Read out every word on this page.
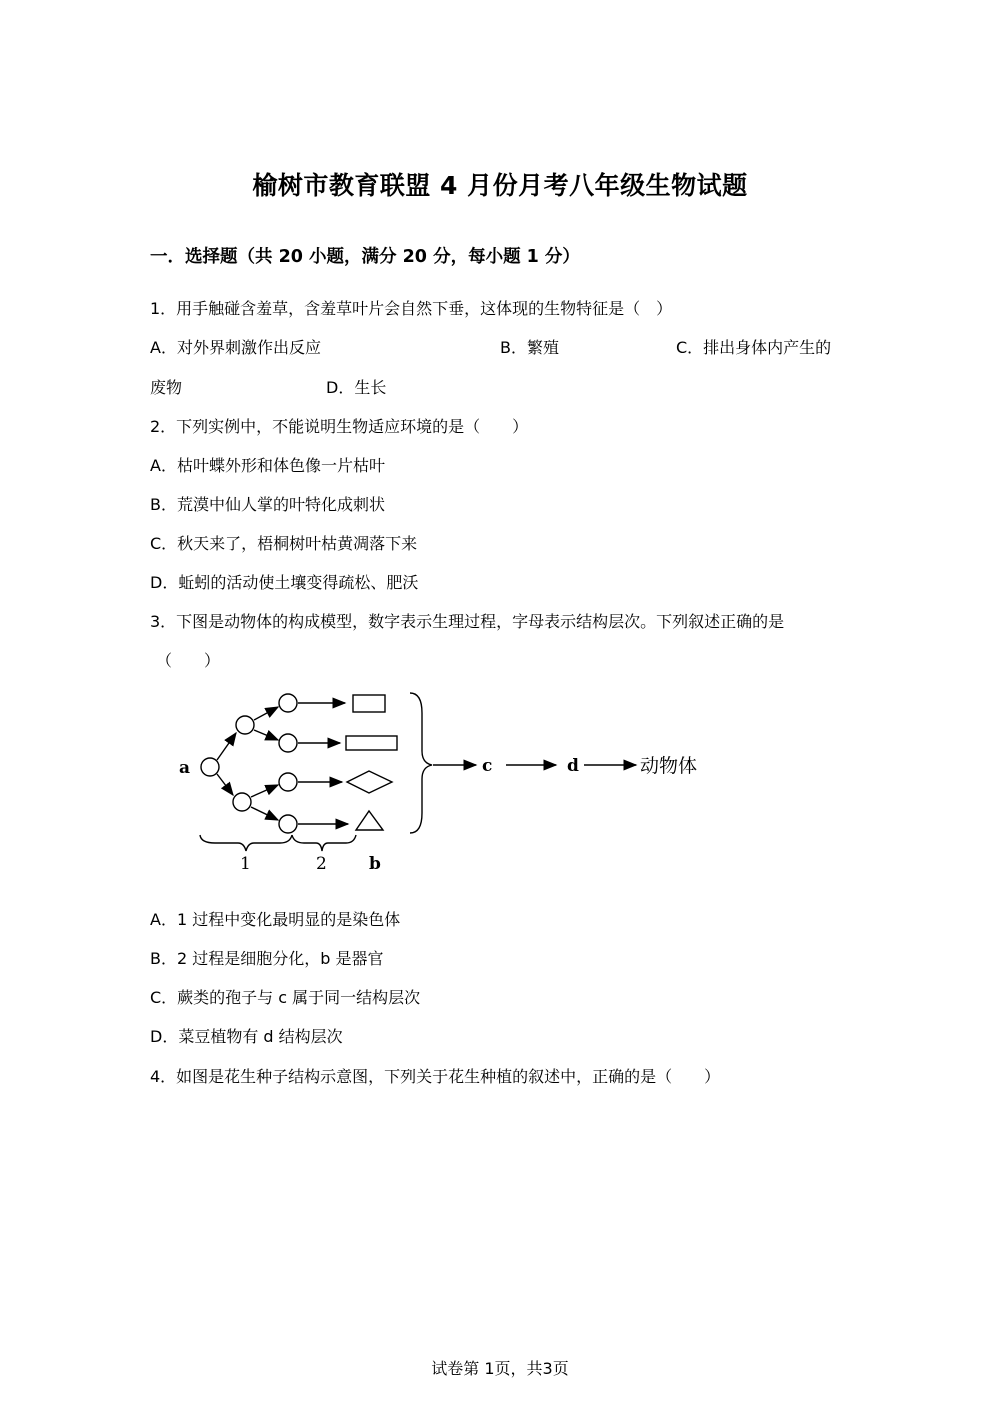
榆树市教育联盟 4 月份月考八年级生物试题
一．选择题（共 20 小题，满分 20 分，每小题 1 分）
1．用手触碰含羞草，含羞草叶片会自然下垂，这体现的生物特征是（　）
A．对外界刺激作出反应	B．繁殖	C．排出身体内产生的
废物	D．生长
2．下列实例中，不能说明生物适应环境的是（　　）
A．枯叶蝶外形和体色像一片枯叶
B．荒漠中仙人掌的叶特化成刺状
C．秋天来了，梧桐树叶枯黄凋落下来
D．蚯蚓的活动使土壤变得疏松、肥沃
3．下图是动物体的构成模型，数字表示生理过程，字母表示结构层次。下列叙述正确的是
（　　）
a	c	d
b
1	2
动物体
A．1 过程中变化最明显的是染色体
B．2 过程是细胞分化，b 是器官
C．蕨类的孢子与 c 属于同一结构层次
D．菜豆植物有 d 结构层次
4．如图是花生种子结构示意图，下列关于花生种植的叙述中，正确的是（　　）
试卷第 1页，共3页
